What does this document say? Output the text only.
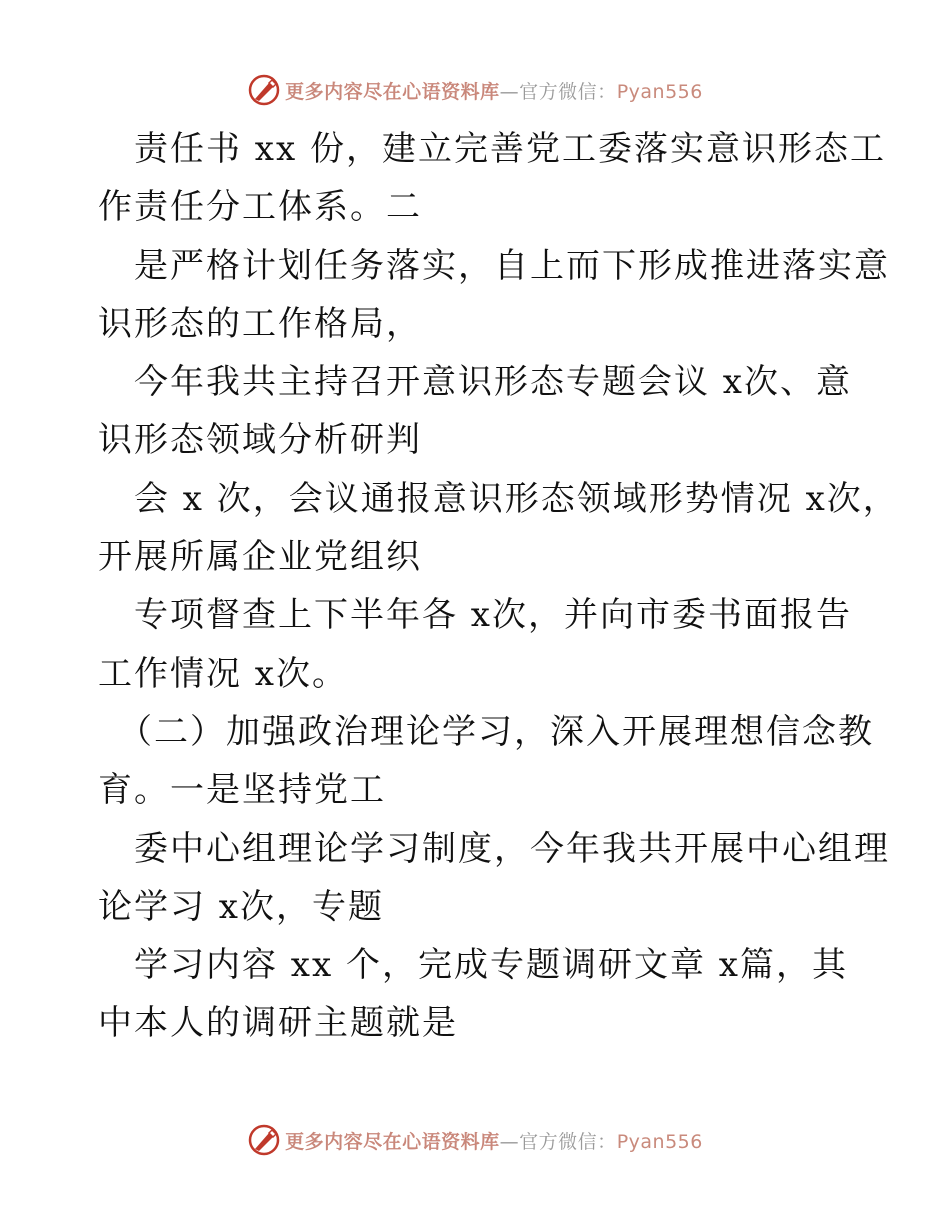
更多内容尽在心语资料库—官方微信：Pyan556
责任书 xx 份，建立完善党工委落实意识形态工
作责任分工体系。二
是严格计划任务落实，自上而下形成推进落实意
识形态的工作格局，
今年我共主持召开意识形态专题会议 x次、意
识形态领域分析研判
会 x 次，会议通报意识形态领域形势情况 x次，
开展所属企业党组织
专项督查上下半年各 x次，并向市委书面报告
工作情况 x次。
（二）加强政治理论学习，深入开展理想信念教
育。一是坚持党工
委中心组理论学习制度，今年我共开展中心组理
论学习 x次，专题
学习内容 xx 个，完成专题调研文章 x篇，其
中本人的调研主题就是
更多内容尽在心语资料库—官方微信：Pyan556
